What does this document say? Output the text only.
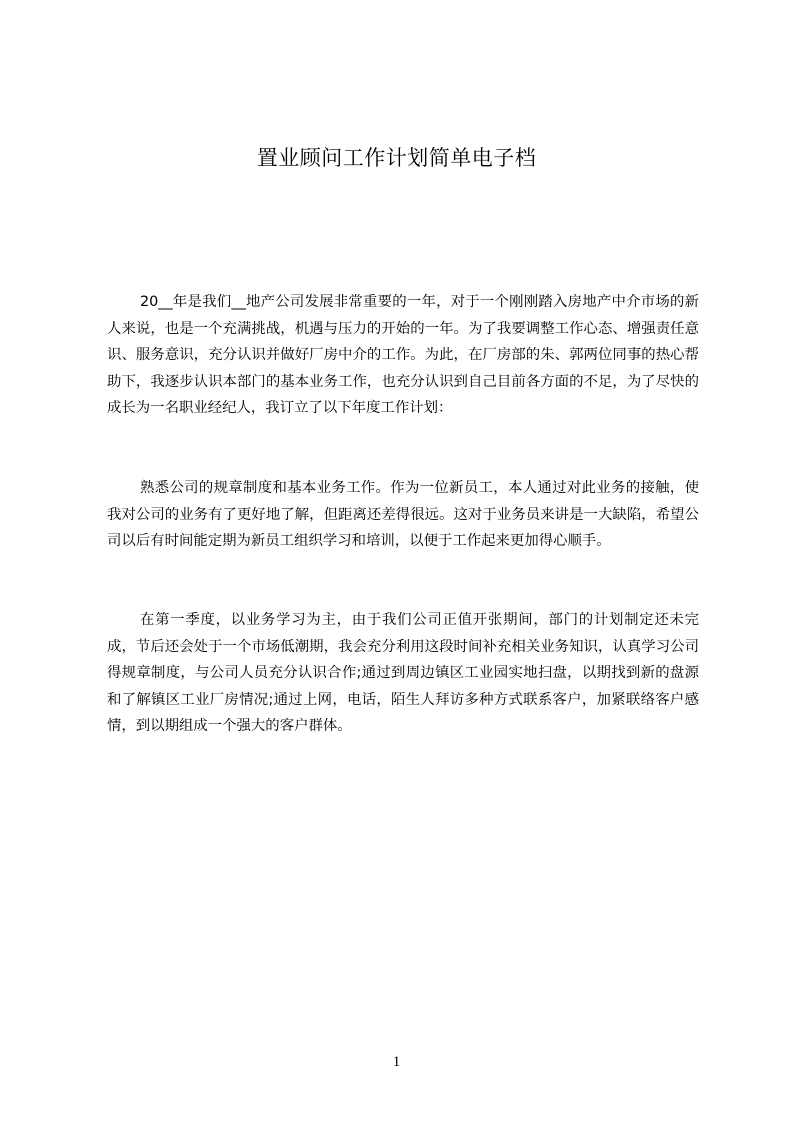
置业顾问工作计划简单电子档

20__年是我们__地产公司发展非常重要的一年，对于一个刚刚踏入房地产中介市场的新人来说，也是一个充满挑战，机遇与压力的开始的一年。为了我要调整工作心态、增强责任意识、服务意识，充分认识并做好厂房中介的工作。为此，在厂房部的朱、郭两位同事的热心帮助下，我逐步认识本部门的基本业务工作，也充分认识到自己目前各方面的不足，为了尽快的成长为一名职业经纪人，我订立了以下年度工作计划：

熟悉公司的规章制度和基本业务工作。作为一位新员工，本人通过对此业务的接触，使我对公司的业务有了更好地了解，但距离还差得很远。这对于业务员来讲是一大缺陷，希望公司以后有时间能定期为新员工组织学习和培训，以便于工作起来更加得心顺手。

在第一季度，以业务学习为主，由于我们公司正值开张期间，部门的计划制定还未完成，节后还会处于一个市场低潮期，我会充分利用这段时间补充相关业务知识，认真学习公司得规章制度，与公司人员充分认识合作;通过到周边镇区工业园实地扫盘，以期找到新的盘源和了解镇区工业厂房情况;通过上网，电话，陌生人拜访多种方式联系客户，加紧联络客户感情，到以期组成一个强大的客户群体。

1
